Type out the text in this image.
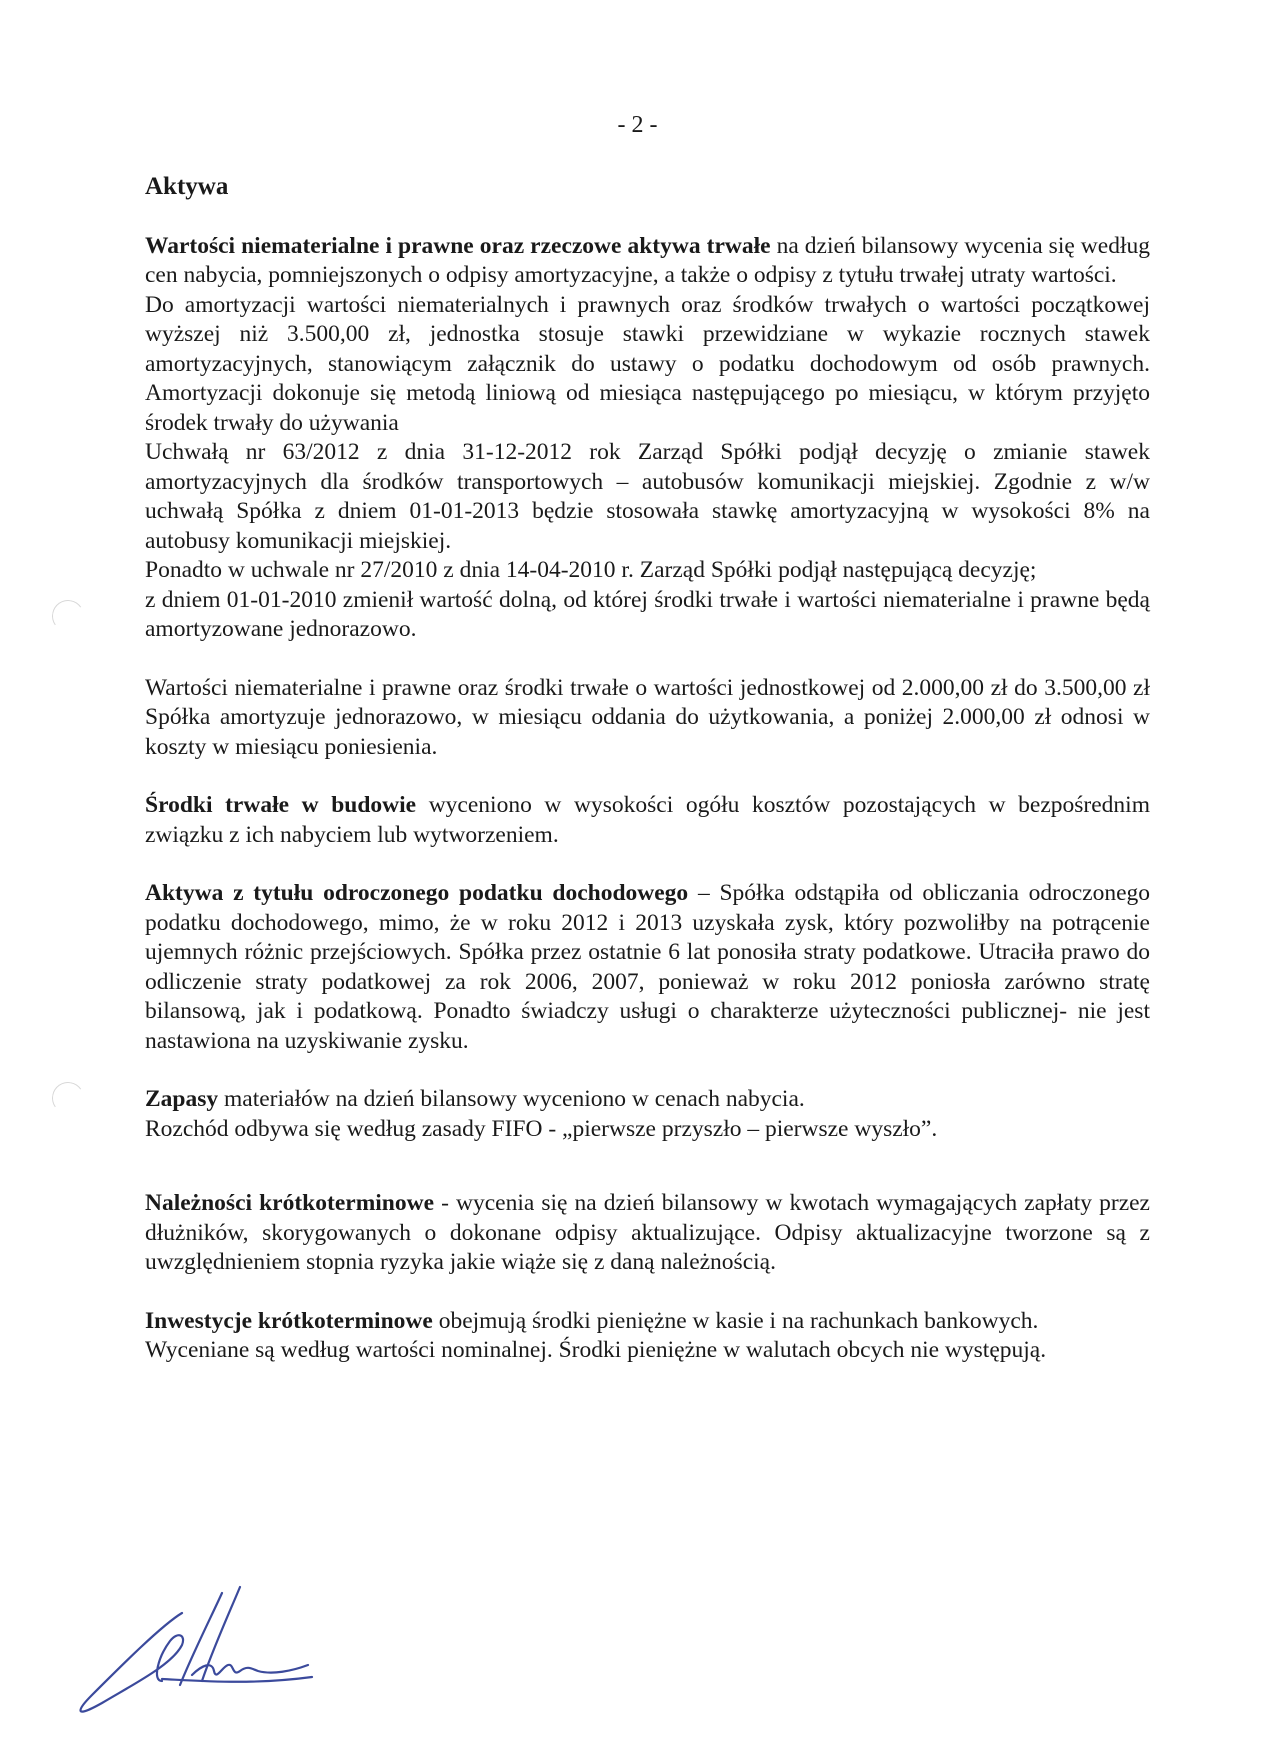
- 2 -
Aktywa

Wartości niematerialne i prawne oraz rzeczowe aktywa trwałe na dzień bilansowy wycenia się według cen nabycia, pomniejszonych o odpisy amortyzacyjne, a także o odpisy z tytułu trwałej utraty wartości.

Do amortyzacji wartości niematerialnych i prawnych oraz środków trwałych o wartości początkowej wyższej niż 3.500,00 zł, jednostka stosuje stawki przewidziane w wykazie rocznych stawek amortyzacyjnych, stanowiącym załącznik do ustawy o podatku dochodowym od osób prawnych. Amortyzacji dokonuje się metodą liniową od miesiąca następującego po miesiącu, w którym przyjęto środek trwały do używania

Uchwałą nr 63/2012 z dnia 31-12-2012 rok Zarząd Spółki podjął decyzję o zmianie stawek amortyzacyjnych dla środków transportowych – autobusów komunikacji miejskiej. Zgodnie z w/w uchwałą Spółka z dniem 01-01-2013 będzie stosowała stawkę amortyzacyjną w wysokości 8% na autobusy komunikacji miejskiej.

Ponadto w uchwale nr 27/2010 z dnia 14-04-2010 r. Zarząd Spółki podjął następującą decyzję;

z dniem 01-01-2010 zmienił wartość dolną, od której środki trwałe i wartości niematerialne i prawne będą amortyzowane jednorazowo.

Wartości niematerialne i prawne oraz środki trwałe o wartości jednostkowej od 2.000,00 zł do 3.500,00 zł Spółka amortyzuje jednorazowo, w miesiącu oddania do użytkowania, a poniżej 2.000,00 zł odnosi w koszty w miesiącu poniesienia.

Środki trwałe w budowie wyceniono w wysokości ogółu kosztów pozostających w bezpośrednim związku z ich nabyciem lub wytworzeniem.

Aktywa z tytułu odroczonego podatku dochodowego – Spółka odstąpiła od obliczania odroczonego podatku dochodowego, mimo, że w roku 2012 i 2013 uzyskała zysk, który pozwoliłby na potrącenie ujemnych różnic przejściowych. Spółka przez ostatnie 6 lat ponosiła straty podatkowe. Utraciła prawo do odliczenie straty podatkowej za rok 2006, 2007, ponieważ w roku 2012 poniosła zarówno stratę bilansową, jak i podatkową. Ponadto świadczy usługi o charakterze użyteczności publicznej- nie jest nastawiona na uzyskiwanie zysku.

Zapasy materiałów na dzień bilansowy wyceniono w cenach nabycia.

Rozchód odbywa się według zasady FIFO - „pierwsze przyszło – pierwsze wyszło”.

Należności krótkoterminowe - wycenia się na dzień bilansowy w kwotach wymagających zapłaty przez dłużników, skorygowanych o dokonane odpisy aktualizujące. Odpisy aktualizacyjne tworzone są z uwzględnieniem stopnia ryzyka jakie wiąże się z daną należnością.

Inwestycje krótkoterminowe obejmują środki pieniężne w kasie i na rachunkach bankowych.

Wyceniane są według wartości nominalnej. Środki pieniężne w walutach obcych nie występują.
